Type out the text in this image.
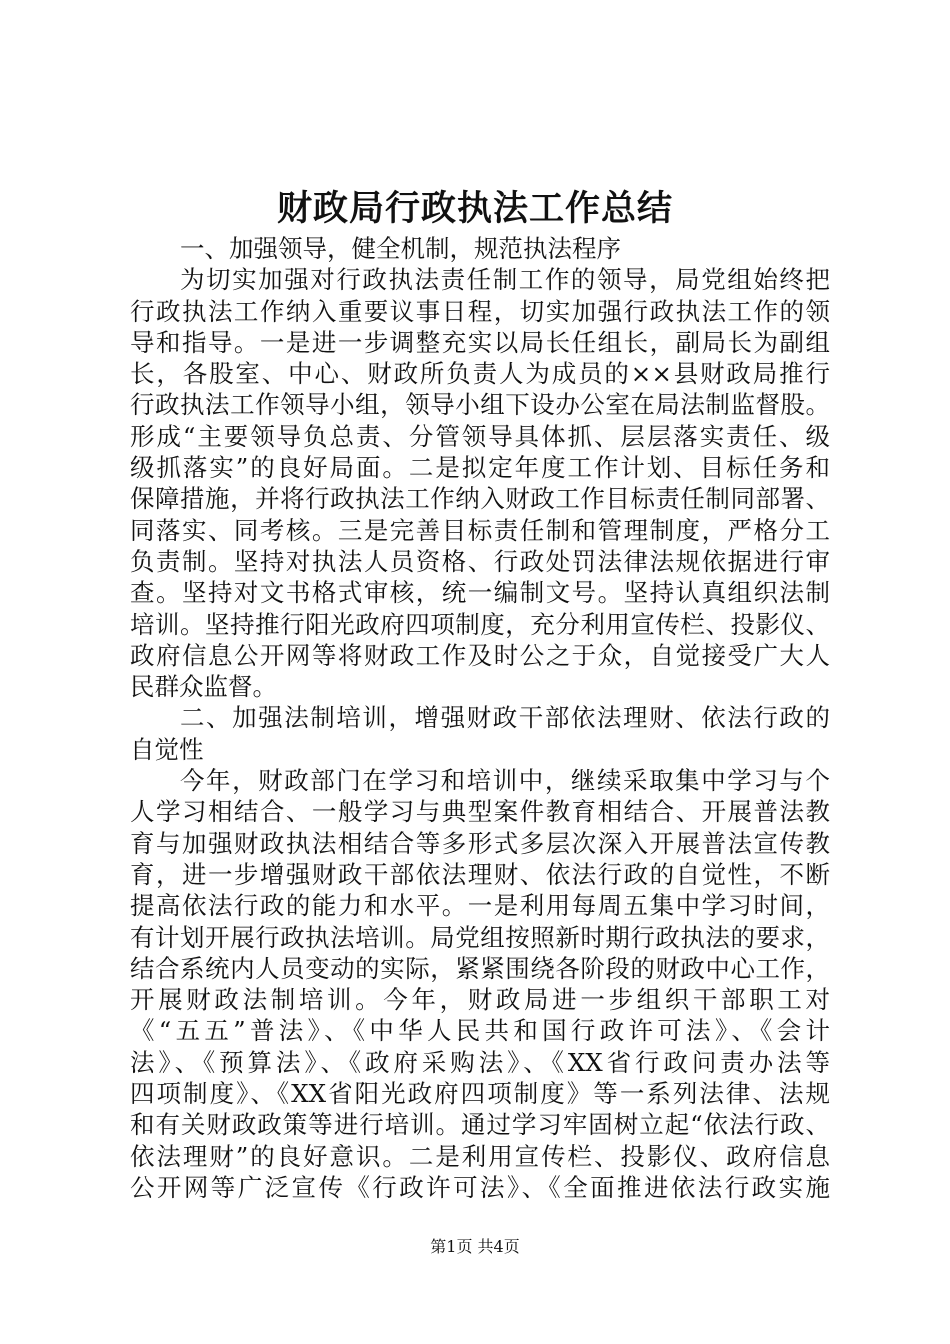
财政局行政执法工作总结
一、加强领导，健全机制，规范执法程序
为切实加强对行政执法责任制工作的领导，局党组始终把
行政执法工作纳入重要议事日程，切实加强行政执法工作的领
导和指导。一是进一步调整充实以局长任组长，副局长为副组
长，各股室、中心、财政所负责人为成员的××县财政局推行
行政执法工作领导小组，领导小组下设办公室在局法制监督股。
形成“主要领导负总责、分管领导具体抓、层层落实责任、级
级抓落实”的良好局面。二是拟定年度工作计划、目标任务和
保障措施，并将行政执法工作纳入财政工作目标责任制同部署、
同落实、同考核。三是完善目标责任制和管理制度，严格分工
负责制。坚持对执法人员资格、行政处罚法律法规依据进行审
查。坚持对文书格式审核，统一编制文号。坚持认真组织法制
培训。坚持推行阳光政府四项制度，充分利用宣传栏、投影仪、
政府信息公开网等将财政工作及时公之于众，自觉接受广大人
民群众监督。
二、加强法制培训，增强财政干部依法理财、依法行政的
自觉性
今年，财政部门在学习和培训中，继续采取集中学习与个
人学习相结合、一般学习与典型案件教育相结合、开展普法教
育与加强财政执法相结合等多形式多层次深入开展普法宣传教
育，进一步增强财政干部依法理财、依法行政的自觉性，不断
提高依法行政的能力和水平。一是利用每周五集中学习时间，
有计划开展行政执法培训。局党组按照新时期行政执法的要求，
结合系统内人员变动的实际，紧紧围绕各阶段的财政中心工作，
开展财政法制培训。今年，财政局进一步组织干部职工对
《“五五”普法》、《中华人民共和国行政许可法》、《会计
法》、《预算法》、《政府采购法》、《XX省行政问责办法等
四项制度》、《XX省阳光政府四项制度》等一系列法律、法规
和有关财政政策等进行培训。通过学习牢固树立起“依法行政、
依法理财”的良好意识。二是利用宣传栏、投影仪、政府信息
公开网等广泛宣传《行政许可法》、《全面推进依法行政实施
第1页 共4页
